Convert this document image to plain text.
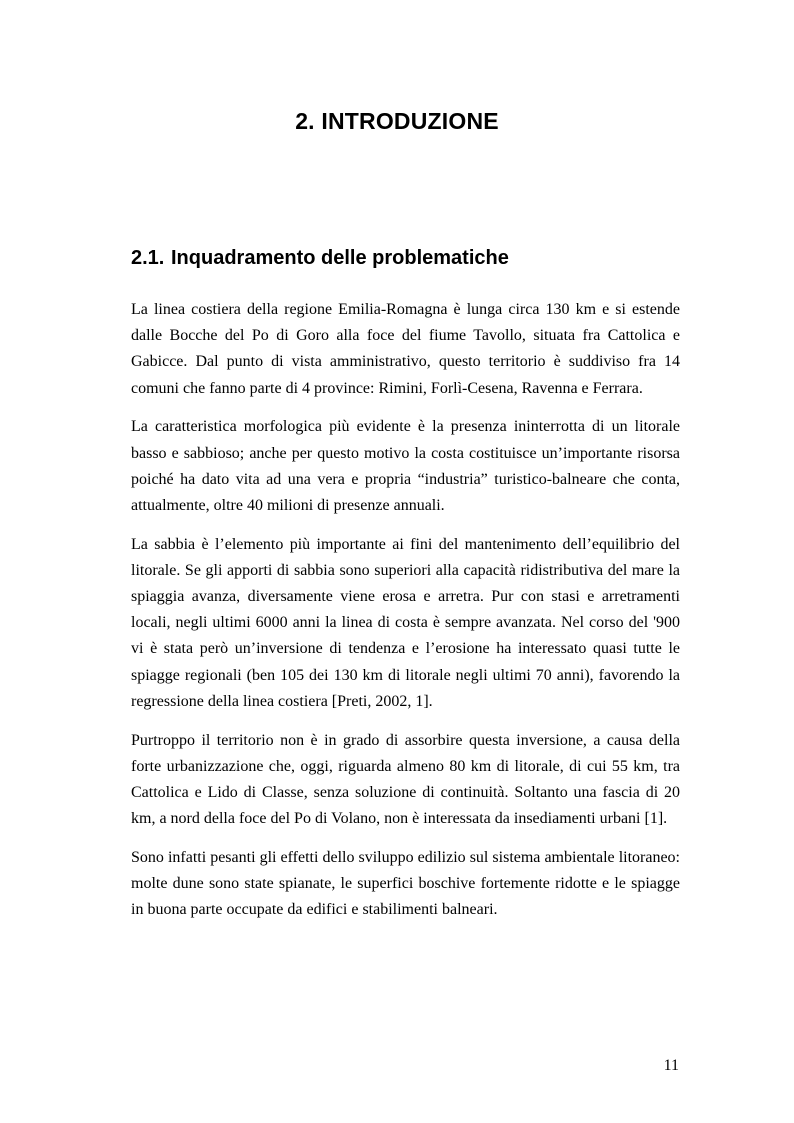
2. INTRODUZIONE
2.1. Inquadramento delle problematiche

La linea costiera della regione Emilia-Romagna è lunga circa 130 km e si estende dalle Bocche del Po di Goro alla foce del fiume Tavollo, situata fra Cattolica e Gabicce. Dal punto di vista amministrativo, questo territorio è suddiviso fra 14 comuni che fanno parte di 4 province: Rimini, Forlì-Cesena, Ravenna e Ferrara.

La caratteristica morfologica più evidente è la presenza ininterrotta di un litorale basso e sabbioso; anche per questo motivo la costa costituisce un’importante risorsa poiché ha dato vita ad una vera e propria “industria” turistico-balneare che conta, attualmente, oltre 40 milioni di presenze annuali.

La sabbia è l’elemento più importante ai fini del mantenimento dell’equilibrio del litorale. Se gli apporti di sabbia sono superiori alla capacità ridistributiva del mare la spiaggia avanza, diversamente viene erosa e arretra. Pur con stasi e arretramenti locali, negli ultimi 6000 anni la linea di costa è sempre avanzata. Nel corso del '900 vi è stata però un’inversione di tendenza e l’erosione ha interessato quasi tutte le spiagge regionali (ben 105 dei 130 km di litorale negli ultimi 70 anni), favorendo la regressione della linea costiera [Preti, 2002, 1].

Purtroppo il territorio non è in grado di assorbire questa inversione, a causa della forte urbanizzazione che, oggi, riguarda almeno 80 km di litorale, di cui 55 km, tra Cattolica e Lido di Classe, senza soluzione di continuità. Soltanto una fascia di 20 km, a nord della foce del Po di Volano, non è interessata da insediamenti urbani [1].

Sono infatti pesanti gli effetti dello sviluppo edilizio sul sistema ambientale litoraneo: molte dune sono state spianate, le superfici boschive fortemente ridotte e le spiagge in buona parte occupate da edifici e stabilimenti balneari.

11
